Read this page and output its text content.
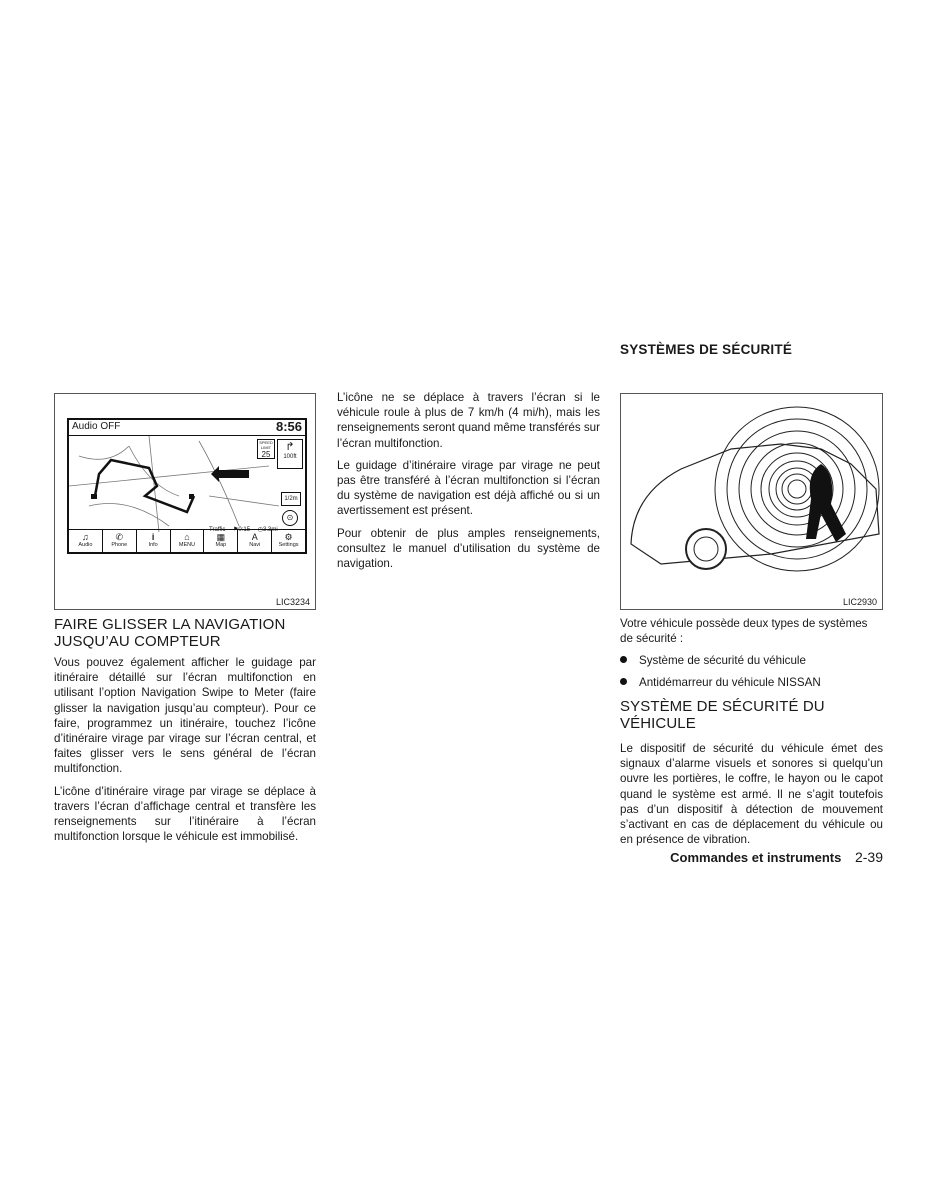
SYSTÈMES DE SÉCURITÉ
Audio OFF	8:56
SPEED LIMIT
25
↱
100ft
1/2m
⊙
Traffic ⚑0:15 ◷3.3mi
♫
Audio
✆
Phone
i
Info
⌂
MENU
▦
Map
A
Navi
⚙
Settings
LIC3234
FAIRE GLISSER LA NAVIGATION JUSQU’AU COMPTEUR

Vous pouvez également afficher le guidage par itinéraire détaillé sur l’écran multifonction en utilisant l’option Navigation Swipe to Meter (faire glisser la navigation jusqu’au compteur). Pour ce faire, programmez un itinéraire, touchez l’icône d’itinéraire virage par virage sur l’écran central, et faites glisser vers le sens général de l’écran multifonction.

L’icône d’itinéraire virage par virage se déplace à travers l’écran d’affichage central et transfère les renseignements sur l’itinéraire à l’écran multifonction lorsque le véhicule est immobilisé.

L’icône ne se déplace à travers l’écran si le véhicule roule à plus de 7 km/h (4 mi/h), mais les renseignements seront quand même transférés sur l’écran multifonction.

Le guidage d’itinéraire virage par virage ne peut pas être transféré à l’écran multifonction si l’écran du système de navigation est déjà affiché ou si un avertissement est présent.

Pour obtenir de plus amples renseignements, consultez le manuel d’utilisation du système de navigation.

LIC2930

Votre véhicule possède deux types de systèmes de sécurité :

Système de sécurité du véhicule
Antidémarreur du véhicule NISSAN
SYSTÈME DE SÉCURITÉ DU VÉHICULE

Le dispositif de sécurité du véhicule émet des signaux d’alarme visuels et sonores si quelqu’un ouvre les portières, le coffre, le hayon ou le capot quand le système est armé. Il ne s’agit toutefois pas d’un dispositif à détection de mouvement s’activant en cas de déplacement du véhicule ou en présence de vibration.

Commandes et instruments 2-39
